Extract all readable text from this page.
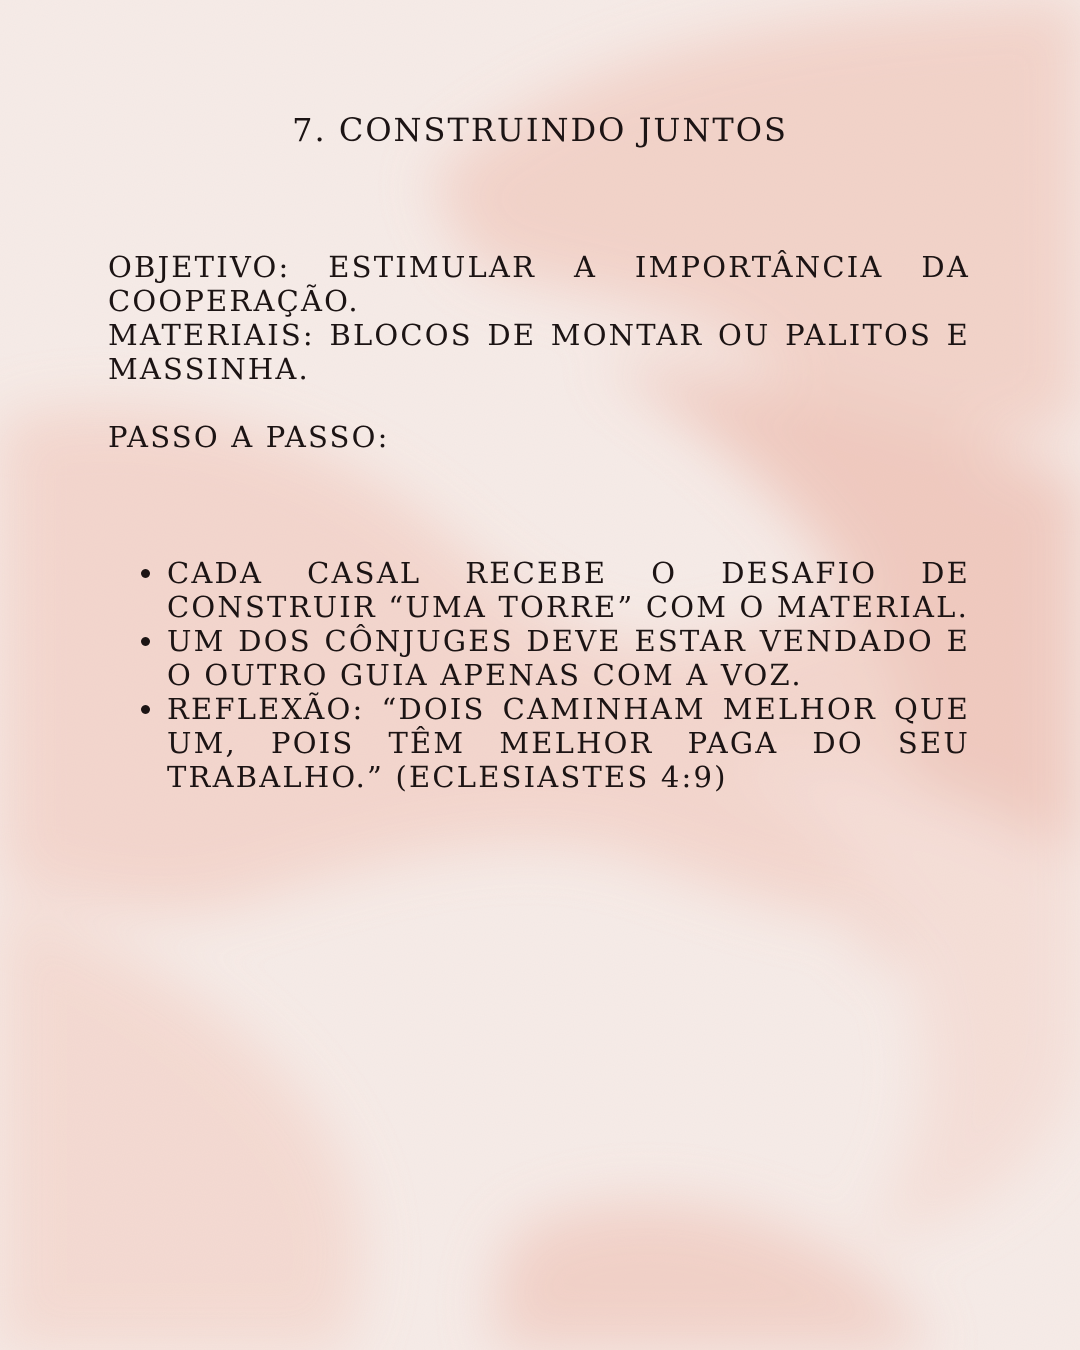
7. CONSTRUINDO JUNTOS

OBJETIVO: ESTIMULAR A IMPORTÂNCIA DA COOPERAÇÃO.

MATERIAIS: BLOCOS DE MONTAR OU PALITOS E MASSINHA.

PASSO A PASSO:

CADA CASAL RECEBE O DESAFIO DE CONSTRUIR “UMA TORRE” COM O MATERIAL.
UM DOS CÔNJUGES DEVE ESTAR VENDADO E O OUTRO GUIA APENAS COM A VOZ.
REFLEXÃO: “DOIS CAMINHAM MELHOR QUE UM, POIS TÊM MELHOR PAGA DO SEU TRABALHO.” (ECLESIASTES 4:9)
